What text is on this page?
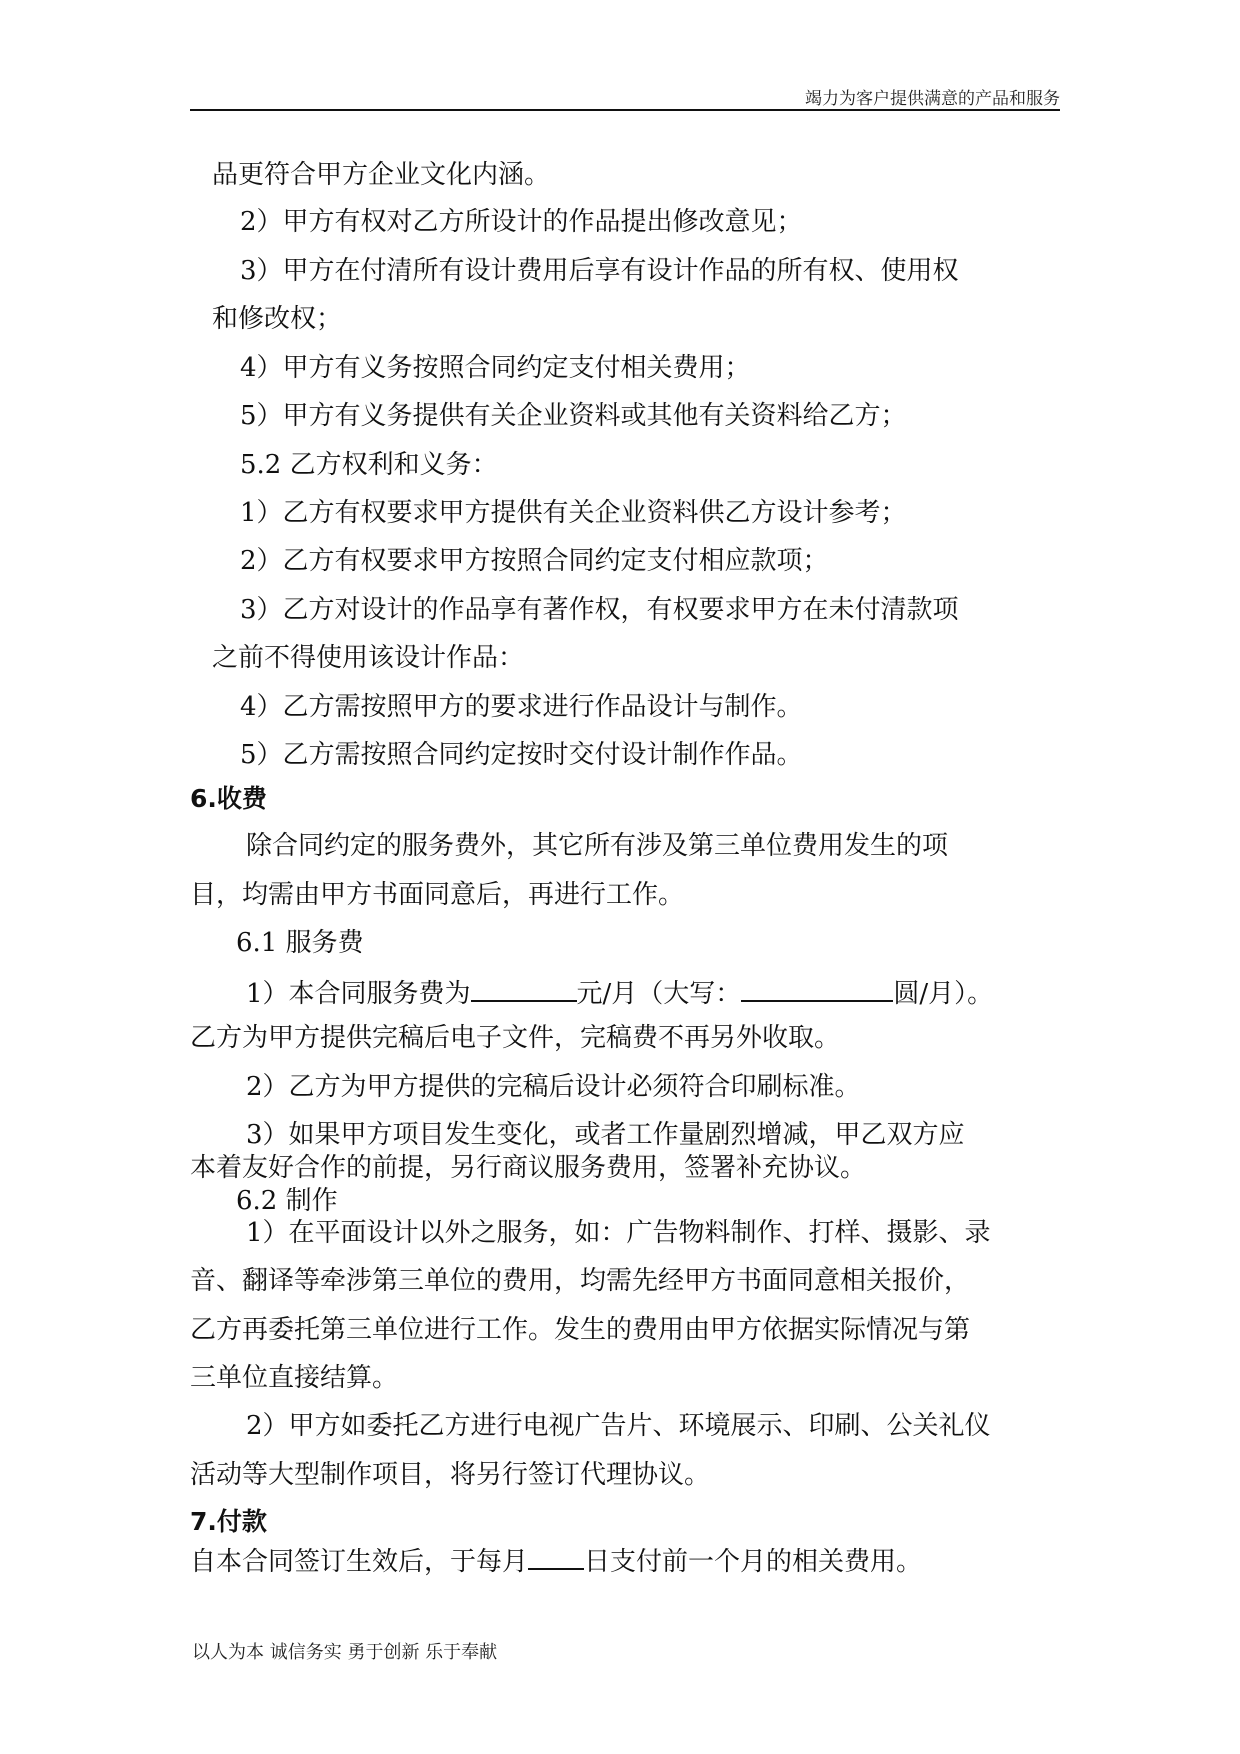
竭力为客户提供满意的产品和服务
品更符合甲方企业文化内涵。
2）甲方有权对乙方所设计的作品提出修改意见；
3）甲方在付清所有设计费用后享有设计作品的所有权、使用权
和修改权；
4）甲方有义务按照合同约定支付相关费用；
5）甲方有义务提供有关企业资料或其他有关资料给乙方；
5.2 乙方权利和义务：
1）乙方有权要求甲方提供有关企业资料供乙方设计参考；
2）乙方有权要求甲方按照合同约定支付相应款项；
3）乙方对设计的作品享有著作权，有权要求甲方在未付清款项
之前不得使用该设计作品：
4）乙方需按照甲方的要求进行作品设计与制作。
5）乙方需按照合同约定按时交付设计制作作品。
6.收费
除合同约定的服务费外，其它所有涉及第三单位费用发生的项
目，均需由甲方书面同意后，再进行工作。
6.1 服务费
1）本合同服务费为	元/月（大写：	圆/月）。
乙方为甲方提供完稿后电子文件，完稿费不再另外收取。
2）乙方为甲方提供的完稿后设计必须符合印刷标准。
3）如果甲方项目发生变化，或者工作量剧烈增减，甲乙双方应
本着友好合作的前提，另行商议服务费用，签署补充协议。
6.2 制作
1）在平面设计以外之服务，如：广告物料制作、打样、摄影、录
音、翻译等牵涉第三单位的费用，均需先经甲方书面同意相关报价，
乙方再委托第三单位进行工作。发生的费用由甲方依据实际情况与第
三单位直接结算。
2）甲方如委托乙方进行电视广告片、环境展示、印刷、公关礼仪
活动等大型制作项目，将另行签订代理协议。
7.付款
自本合同签订生效后，于每月 日支付前一个月的相关费用。
以人为本 诚信务实 勇于创新 乐于奉献
